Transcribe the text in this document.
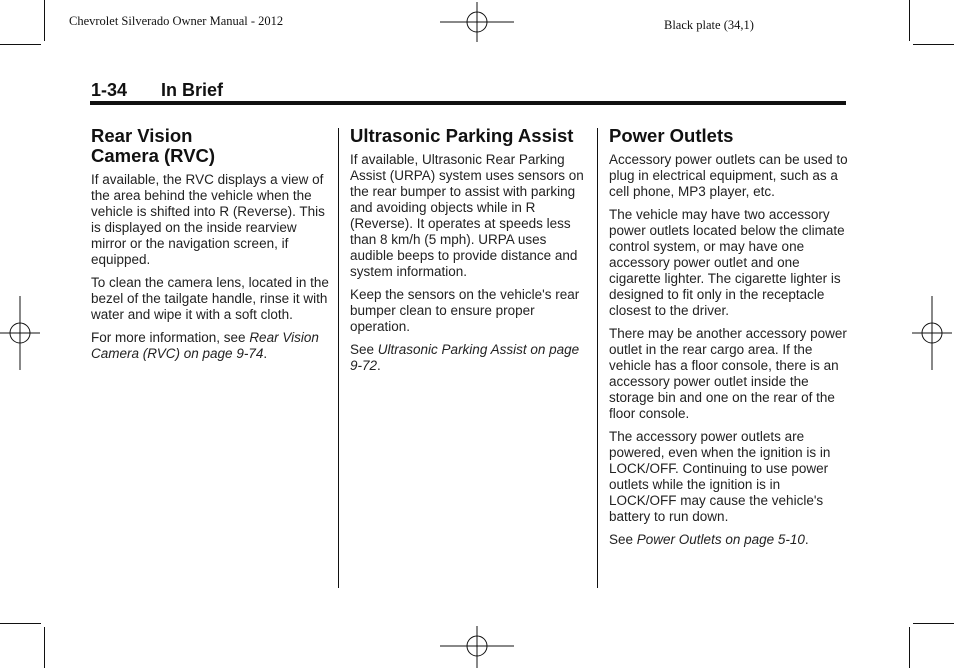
Chevrolet Silverado Owner Manual - 2012	Black plate (34,1)
1-34 In Brief
Rear Vision
Camera (RVC)

If available, the RVC displays a view of the area behind the vehicle when the vehicle is shifted into R (Reverse). This is displayed on the inside rearview mirror or the navigation screen, if equipped.

To clean the camera lens, located in the bezel of the tailgate handle, rinse it with water and wipe it with a soft cloth.

For more information, see Rear Vision Camera (RVC) on page 9-74.

Ultrasonic Parking Assist

If available, Ultrasonic Rear Parking Assist (URPA) system uses sensors on the rear bumper to assist with parking and avoiding objects while in R (Reverse). It operates at speeds less than 8 km/h (5 mph). URPA uses audible beeps to provide distance and system information.

Keep the sensors on the vehicle's rear bumper clean to ensure proper operation.

See Ultrasonic Parking Assist on page 9-72.

Power Outlets

Accessory power outlets can be used to plug in electrical equipment, such as a cell phone, MP3 player, etc.

The vehicle may have two accessory power outlets located below the climate control system, or may have one accessory power outlet and one cigarette lighter. The cigarette lighter is designed to fit only in the receptacle closest to the driver.

There may be another accessory power outlet in the rear cargo area. If the vehicle has a floor console, there is an accessory power outlet inside the storage bin and one on the rear of the floor console.

The accessory power outlets are powered, even when the ignition is in LOCK/OFF. Continuing to use power outlets while the ignition is in LOCK/OFF may cause the vehicle's battery to run down.

See Power Outlets on page 5-10.
